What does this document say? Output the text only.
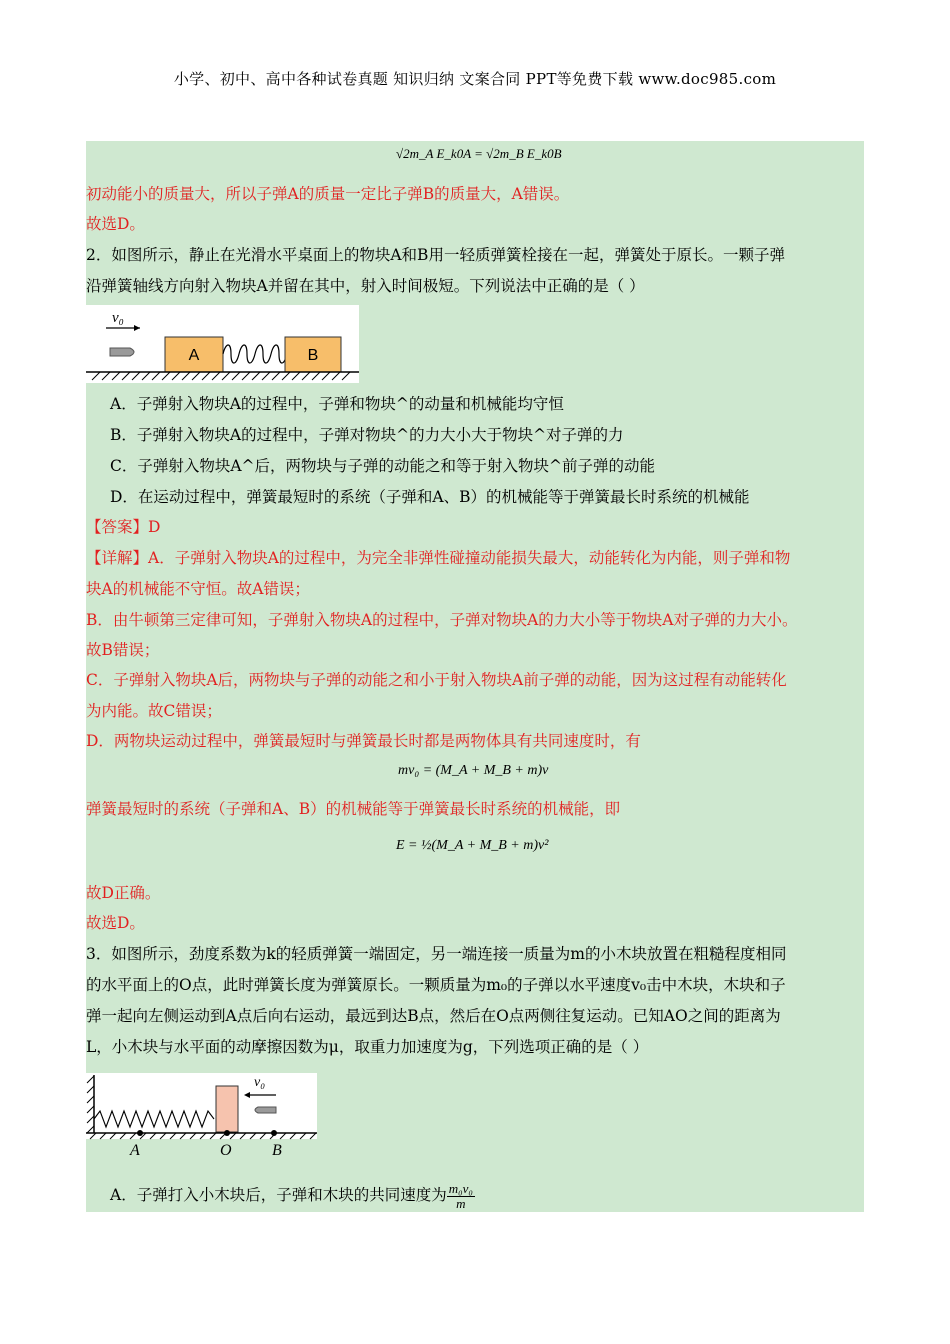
小学、初中、高中各种试卷真题 知识归纳 文案合同 PPT等免费下载 www.doc985.com
√2m_A E_k0A = √2m_B E_k0B
初动能小的质量大，所以子弹A的质量一定比子弹B的质量大，A错误。
故选D。
2．如图所示，静止在光滑水平桌面上的物块A和B用一轻质弹簧栓接在一起，弹簧处于原长。一颗子弹
沿弹簧轴线方向射入物块A并留在其中，射入时间极短。下列说法中正确的是（ ）
v₀
A	B
A．子弹射入物块A的过程中，子弹和物块^的动量和机械能均守恒
B．子弹射入物块A的过程中，子弹对物块^的力大小大于物块^对子弹的力
C．子弹射入物块A^后，两物块与子弹的动能之和等于射入物块^前子弹的动能
D．在运动过程中，弹簧最短时的系统（子弹和A、B）的机械能等于弹簧最长时系统的机械能
【答案】D
【详解】A．子弹射入物块A的过程中，为完全非弹性碰撞动能损失最大，动能转化为内能，则子弹和物
块A的机械能不守恒。故A错误；
B．由牛顿第三定律可知，子弹射入物块A的过程中，子弹对物块A的力大小等于物块A对子弹的力大小。
故B错误；
C．子弹射入物块A后，两物块与子弹的动能之和小于射入物块A前子弹的动能，因为这过程有动能转化
为内能。故C错误；
D．两物块运动过程中，弹簧最短时与弹簧最长时都是两物体具有共同速度时，有
mv₀ = (M_A + M_B + m)v
弹簧最短时的系统（子弹和A、B）的机械能等于弹簧最长时系统的机械能，即
E = ½(M_A + M_B + m)v²
故D正确。
故选D。
3．如图所示，劲度系数为k的轻质弹簧一端固定，另一端连接一质量为m的小木块放置在粗糙程度相同
的水平面上的O点，此时弹簧长度为弹簧原长。一颗质量为m₀的子弹以水平速度v₀击中木块，木块和子
弹一起向左侧运动到A点后向右运动，最远到达B点，然后在O点两侧往复运动。已知AO之间的距离为
L，小木块与水平面的动摩擦因数为μ，取重力加速度为g，下列选项正确的是（ ）
v₀
A	O	B
A．子弹打入小木块后，子弹和木块的共同速度为 $\frac{\text{m₀v₀}}{m}$
